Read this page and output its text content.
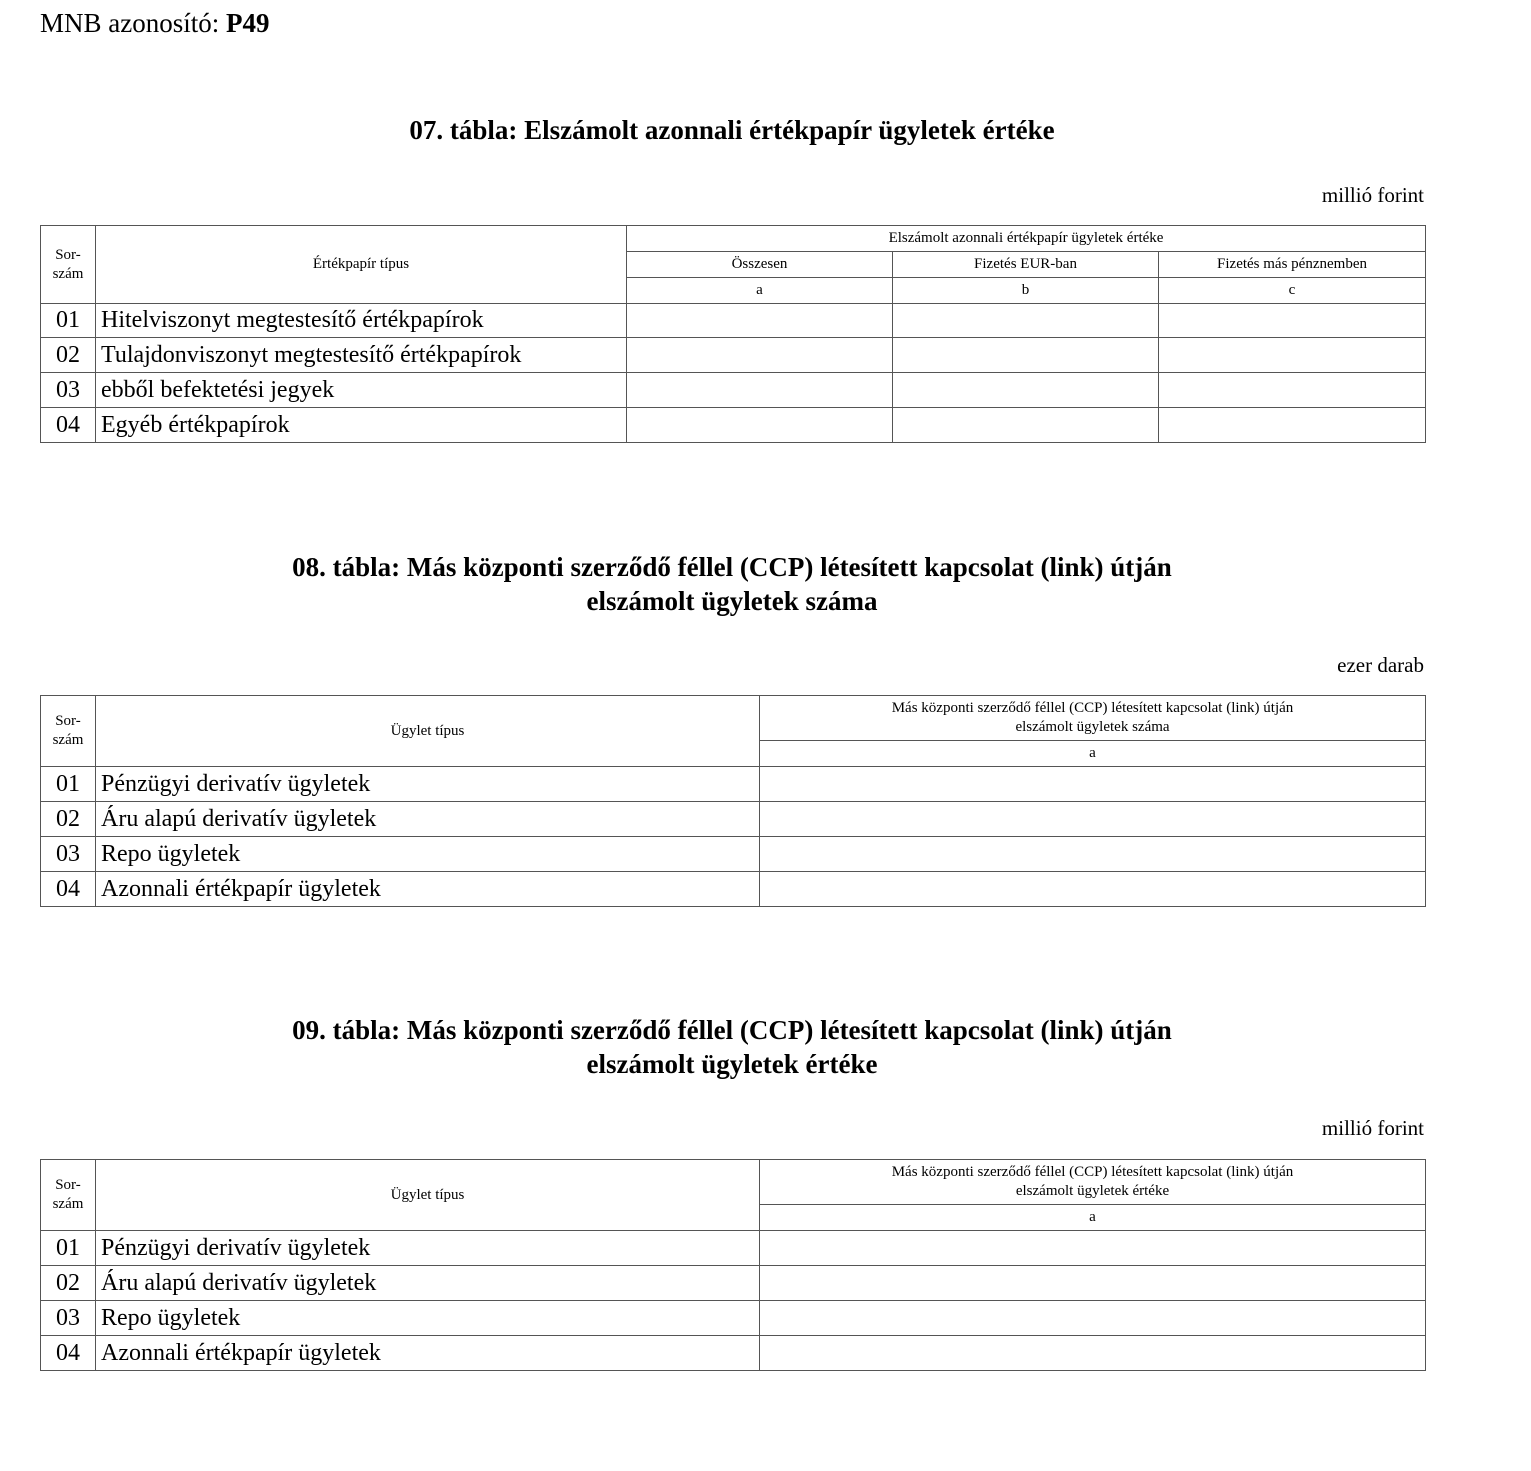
MNB azonosító: P49
07. tábla: Elszámolt azonnali értékpapír ügyletek értéke
millió forint
Sor-
szám	Értékpapír típus	Elszámolt azonnali értékpapír ügyletek értéke		
		Összesen	Fizetés EUR-ban	Fizetés más pénznemben
		a	b	c
01	Hitelviszonyt megtestesítő értékpapírok			
02	Tulajdonviszonyt megtestesítő értékpapírok			
03	ebből befektetési jegyek			
04	Egyéb értékpapírok			
08. tábla: Más központi szerződő féllel (CCP) létesített kapcsolat (link) útján
elszámolt ügyletek száma
ezer darab
Sor-
szám	Ügylet típus	Más központi szerződő féllel (CCP) létesített kapcsolat (link) útján
elszámolt ügyletek száma
		a
01	Pénzügyi derivatív ügyletek	
02	Áru alapú derivatív ügyletek	
03	Repo ügyletek	
04	Azonnali értékpapír ügyletek	
09. tábla: Más központi szerződő féllel (CCP) létesített kapcsolat (link) útján
elszámolt ügyletek értéke
millió forint
Sor-
szám	Ügylet típus	Más központi szerződő féllel (CCP) létesített kapcsolat (link) útján
elszámolt ügyletek értéke
		a
01	Pénzügyi derivatív ügyletek	
02	Áru alapú derivatív ügyletek	
03	Repo ügyletek	
04	Azonnali értékpapír ügyletek	
